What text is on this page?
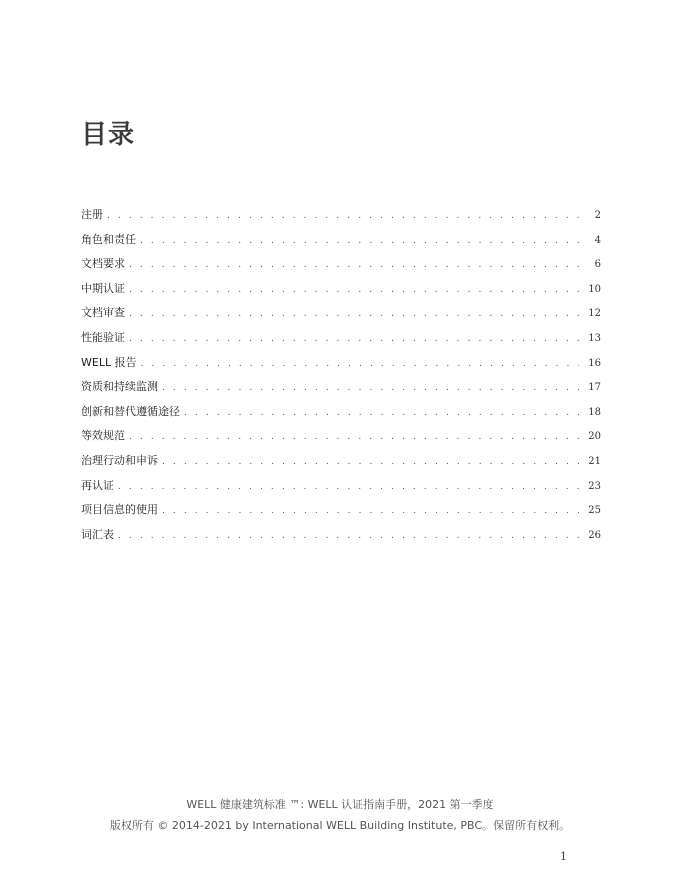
目录
注册 . . .	2
角色和责任 . . .	4
文档要求 . . .	6
中期认证 . . .	10
文档审查 . . .	12
性能验证 . . .	13
WELL 报告 . . .	16
资质和持续监测 . . .	17
创新和替代遵循途径 . . .	18
等效规范 . . .	20
治理行动和申诉 . . .	21
再认证 . . .	23
项目信息的使用 . . .	25
词汇表 . . .	26
WELL 健康建筑标准 ™: WELL 认证指南手册，2021 第一季度
版权所有 © 2014-2021 by International WELL Building Institute, PBC。保留所有权利。
1
